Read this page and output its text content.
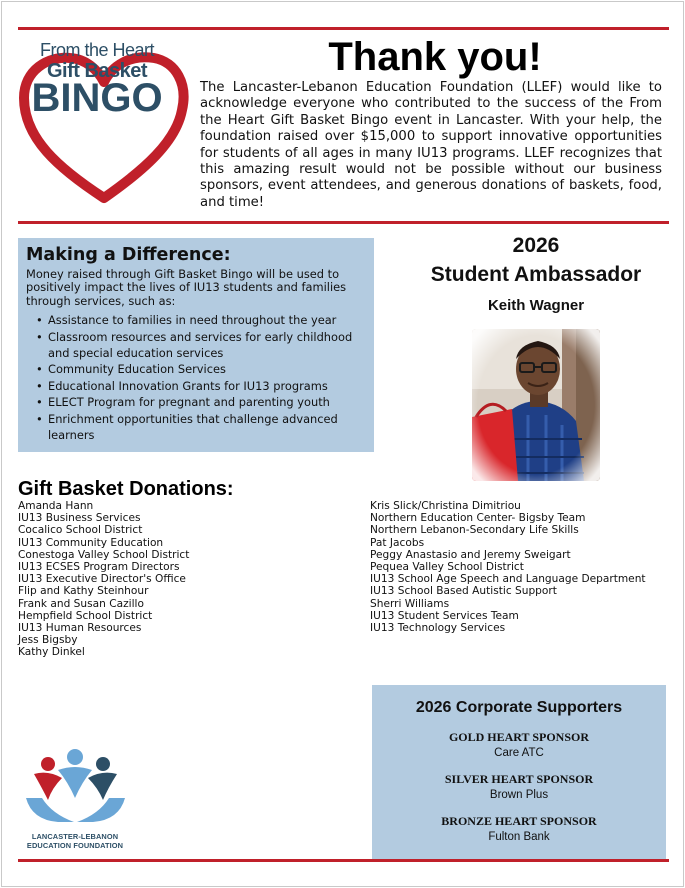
From the Heart
Gift Basket
BINGO
Thank you!

The Lancaster-Lebanon Education Foundation (LLEF) would like to acknowledge everyone who contributed to the success of the From the Heart Gift Basket Bingo event in Lancaster. With your help, the foundation raised over $15,000 to support innovative opportunities for students of all ages in many IU13 programs. LLEF recognizes that this amazing result would not be possible without our business sponsors, event attendees, and generous donations of baskets, food, and time!

Making a Difference:
Money raised through Gift Basket Bingo will be used to positively impact the lives of IU13 students and families through services, such as:
• Assistance to families in need throughout the year
• Classroom resources and services for early childhood and special education services
• Community Education Services
• Educational Innovation Grants for IU13 programs
• ELECT Program for pregnant and parenting youth
• Enrichment opportunities that challenge advanced learners
2026
Student Ambassador
Keith Wagner
Gift Basket Donations:
Amanda Hann
IU13 Business Services
Cocalico School District
IU13 Community Education
Conestoga Valley School District
IU13 ECSES Program Directors
IU13 Executive Director's Office
Flip and Kathy Steinhour
Frank and Susan Cazillo
Hempfield School District
IU13 Human Resources
Jess Bigsby
Kathy Dinkel
Kris Slick/Christina Dimitriou
Northern Education Center- Bigsby Team
Northern Lebanon-Secondary Life Skills
Pat Jacobs
Peggy Anastasio and Jeremy Sweigart
Pequea Valley School District
IU13 School Age Speech and Language Department
IU13 School Based Autistic Support
Sherri Williams
IU13 Student Services Team
IU13 Technology Services
2026 Corporate Supporters
GOLD HEART SPONSOR
Care ATC
SILVER HEART SPONSOR
Brown Plus
BRONZE HEART SPONSOR
Fulton Bank
LANCASTER-LEBANON
EDUCATION FOUNDATION
